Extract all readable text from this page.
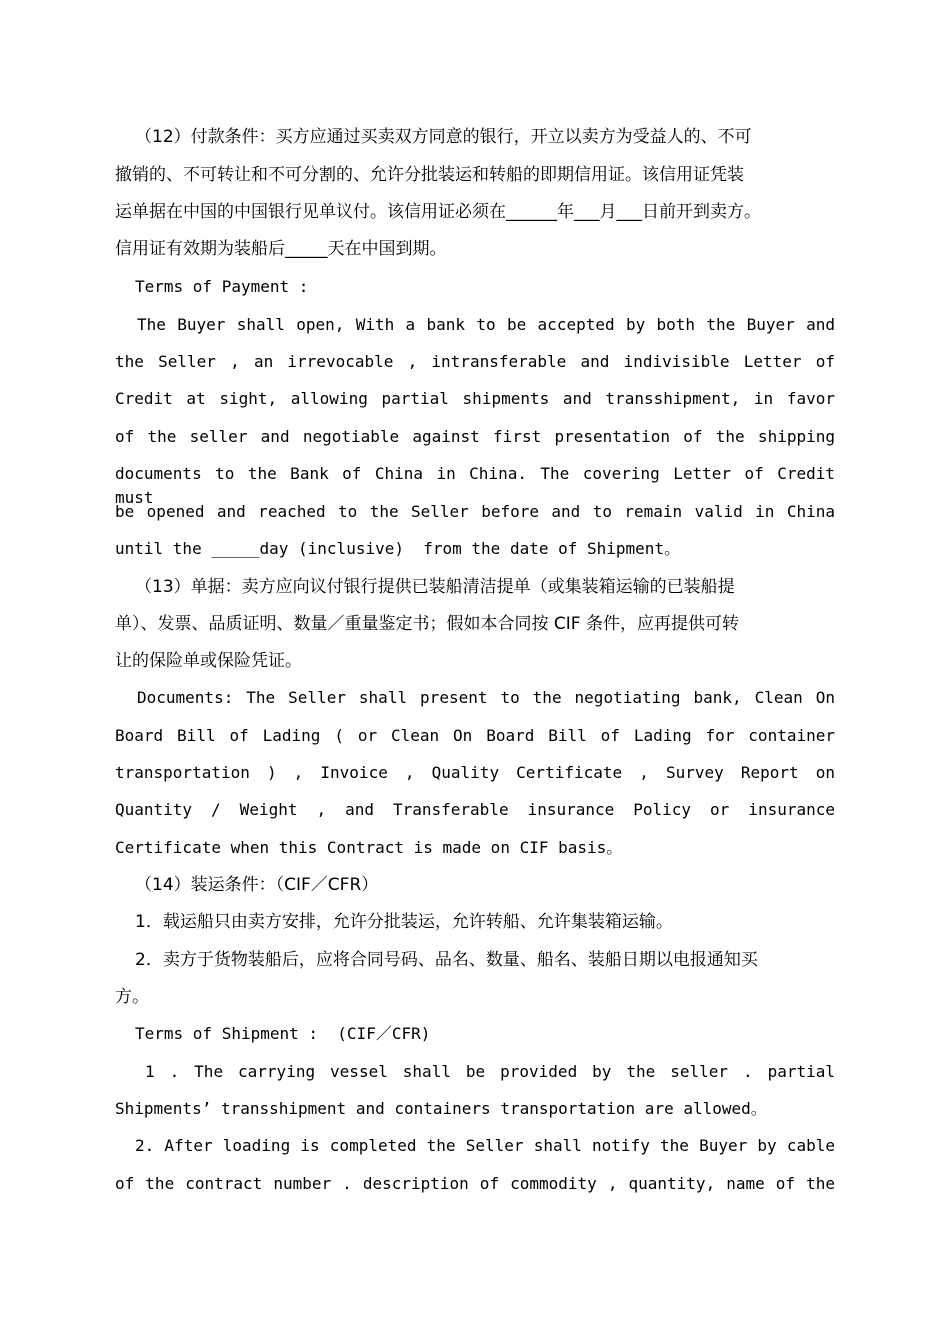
（12）付款条件：买方应通过买卖双方同意的银行，开立以卖方为受益人的、不可
撤销的、不可转让和不可分割的、允许分批装运和转船的即期信用证。该信用证凭装
运单据在中国的中国银行见单议付。该信用证必须在______年___月___日前开到卖方。
信用证有效期为装船后_____天在中国到期。
Terms of Payment :
The Buyer shall open, With a bank to be accepted by both the Buyer and
the Seller , an irrevocable , intransferable and indivisible Letter of
Credit at sight, allowing partial shipments and transshipment, in favor
of the seller and negotiable against first presentation of the shipping
documents to the Bank of China in China. The covering Letter of Credit must
be opened and reached to the Seller before and to remain valid in China
until the _____day (inclusive)  from the date of Shipment。
（13）单据：卖方应向议付银行提供已装船清洁提单（或集装箱运输的已装船提
单）、发票、品质证明、数量／重量鉴定书；假如本合同按 CIF 条件，应再提供可转
让的保险单或保险凭证。
Documents: The Seller shall present to the negotiating bank, Clean On
Board Bill of Lading ( or Clean On Board Bill of Lading for container
transportation ) , Invoice , Quality Certificate , Survey Report on
Quantity / Weight , and Transferable insurance Policy or insurance
Certificate when this Contract is made on CIF basis。
（14）装运条件：（CIF／CFR）
1．载运船只由卖方安排，允许分批装运，允许转船、允许集装箱运输。
2．卖方于货物装船后，应将合同号码、品名、数量、船名、装船日期以电报通知买
方。
Terms of Shipment :  (CIF／CFR)
1 . The carrying vessel shall be provided by the seller . partial
Shipments’ transshipment and containers transportation are allowed。
2. After loading is completed the Seller shall notify the Buyer by cable
of the contract number . description of commodity , quantity, name of the
